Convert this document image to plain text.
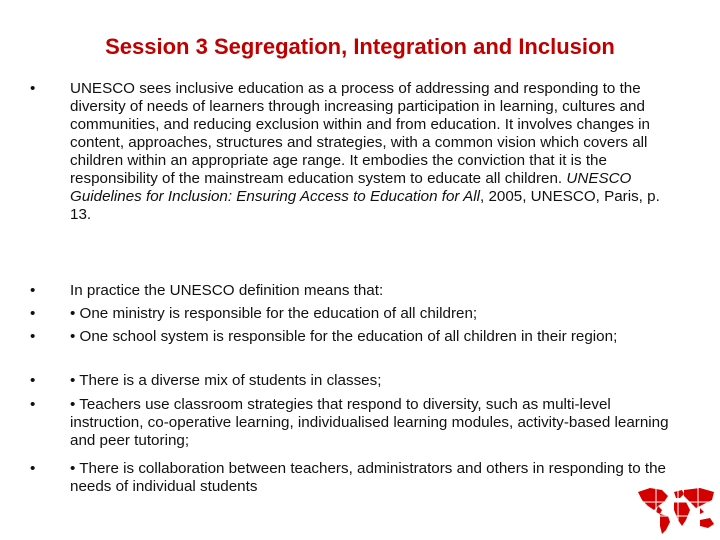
Session 3 Segregation, Integration and Inclusion
•	UNESCO sees inclusive education as a process of addressing and responding to the diversity of needs of learners through increasing participation in learning, cultures and communities, and reducing exclusion within and from education. It involves changes in content, approaches, structures and strategies, with a common vision which covers all children within an appropriate age range. It embodies the conviction that it is the responsibility of the mainstream education system to educate all children. UNESCO Guidelines for Inclusion: Ensuring Access to Education for All, 2005, UNESCO, Paris, p. 13.
•	In practice the UNESCO definition means that:
•	• One ministry is responsible for the education of all children;
•	• One school system is responsible for the education of all children in their region;
•	• There is a diverse mix of students in classes;
•	• Teachers use classroom strategies that respond to diversity, such as multi-level instruction, co-operative learning, individualised learning modules, activity-based learning and peer tutoring;
•	• There is collaboration between teachers, administrators and others in responding to the needs of individual students
